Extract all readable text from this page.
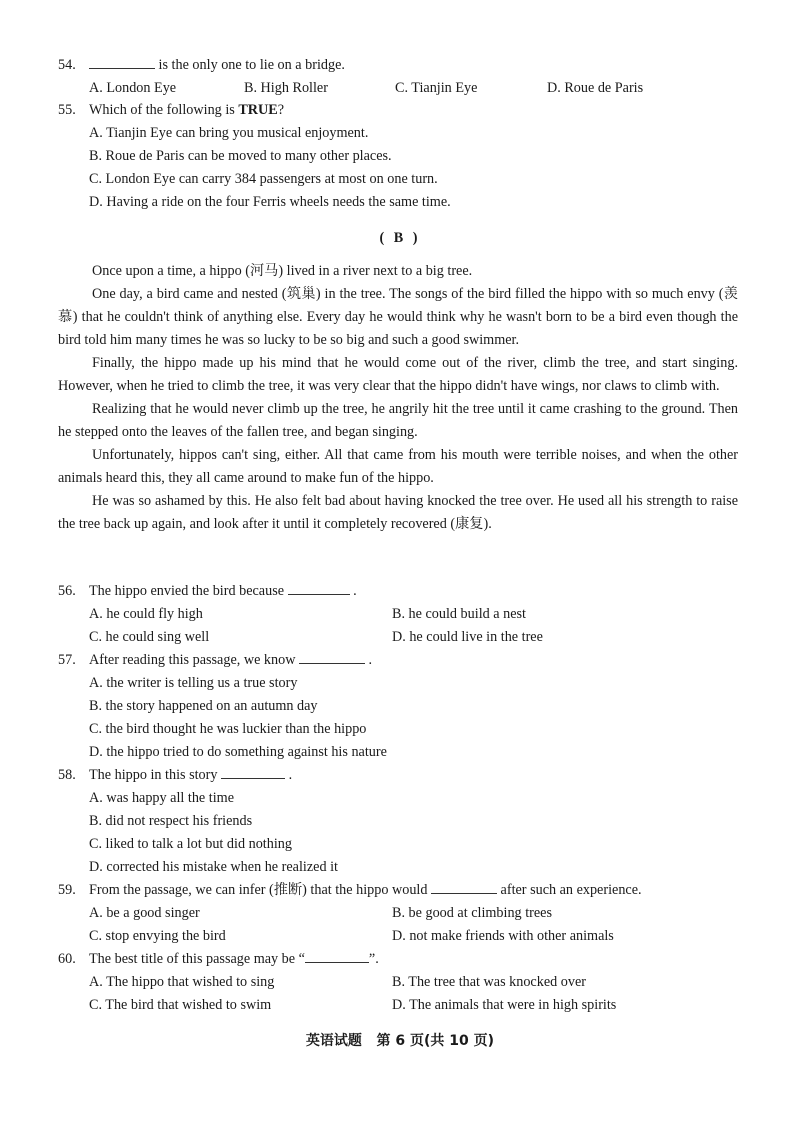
54.	is the only one to lie on a bridge.
A. London Eye	B. High Roller	C. Tianjin Eye	D. Roue de Paris
55. Which of the following is TRUE?
A. Tianjin Eye can bring you musical enjoyment.
B. Roue de Paris can be moved to many other places.
C. London Eye can carry 384 passengers at most on one turn.
D. Having a ride on the four Ferris wheels needs the same time.
( B )

Once upon a time, a hippo (河马) lived in a river next to a big tree.

One day, a bird came and nested (筑巢) in the tree. The songs of the bird filled the hippo with so much envy (羡慕) that he couldn't think of anything else. Every day he would think why he wasn't born to be a bird even though the bird told him many times he was so lucky to be so big and such a good swimmer.

Finally, the hippo made up his mind that he would come out of the river, climb the tree, and start singing. However, when he tried to climb the tree, it was very clear that the hippo didn't have wings, nor claws to climb with.

Realizing that he would never climb up the tree, he angrily hit the tree until it came crashing to the ground. Then he stepped onto the leaves of the fallen tree, and began singing.

Unfortunately, hippos can't sing, either. All that came from his mouth were terrible noises, and when the other animals heard this, they all came around to make fun of the hippo.

He was so ashamed by this. He also felt bad about having knocked the tree over. He used all his strength to raise the tree back up again, and look after it until it completely recovered (康复).

56. The hippo envied the bird because	.
A. he could fly high	B. he could build a nest
C. he could sing well	D. he could live in the tree
57. After reading this passage, we know	.
A. the writer is telling us a true story
B. the story happened on an autumn day
C. the bird thought he was luckier than the hippo
D. the hippo tried to do something against his nature
58. The hippo in this story	.
A. was happy all the time
B. did not respect his friends
C. liked to talk a lot but did nothing
D. corrected his mistake when he realized it
59. From the passage, we can infer (推断) that the hippo would	after such an experience.
A. be a good singer	B. be good at climbing trees
C. stop envying the bird	D. not make friends with other animals
60. The best title of this passage may be “	”.
A. The hippo that wished to sing	B. The tree that was knocked over
C. The bird that wished to swim	D. The animals that were in high spirits
英语试题   第 6 页(共 10 页)
